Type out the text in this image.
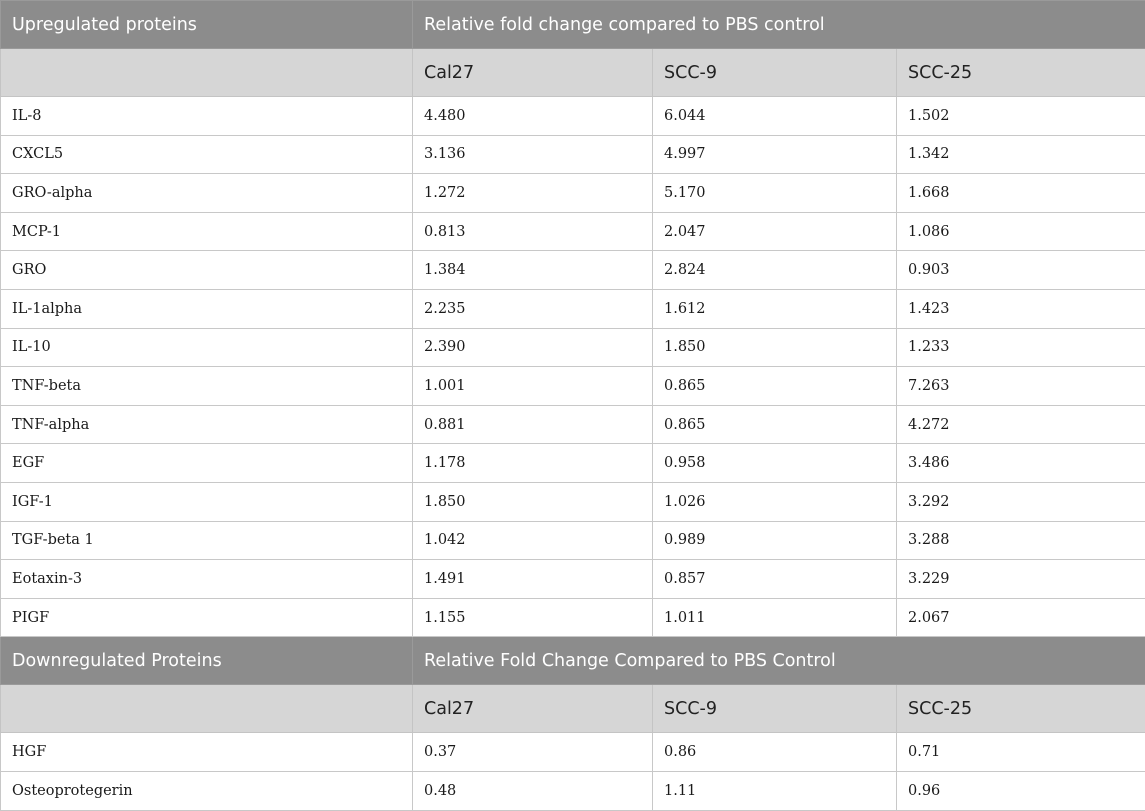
Upregulated proteins	Relative fold change compared to PBS control		
	Cal27	SCC-9	SCC-25
IL-8	4.480	6.044	1.502
CXCL5	3.136	4.997	1.342
GRO-alpha	1.272	5.170	1.668
MCP-1	0.813	2.047	1.086
GRO	1.384	2.824	0.903
IL-1alpha	2.235	1.612	1.423
IL-10	2.390	1.850	1.233
TNF-beta	1.001	0.865	7.263
TNF-alpha	0.881	0.865	4.272
EGF	1.178	0.958	3.486
IGF-1	1.850	1.026	3.292
TGF-beta 1	1.042	0.989	3.288
Eotaxin-3	1.491	0.857	3.229
PIGF	1.155	1.011	2.067
Downregulated Proteins	Relative Fold Change Compared to PBS Control		
	Cal27	SCC-9	SCC-25
HGF	0.37	0.86	0.71
Osteoprotegerin	0.48	1.11	0.96
